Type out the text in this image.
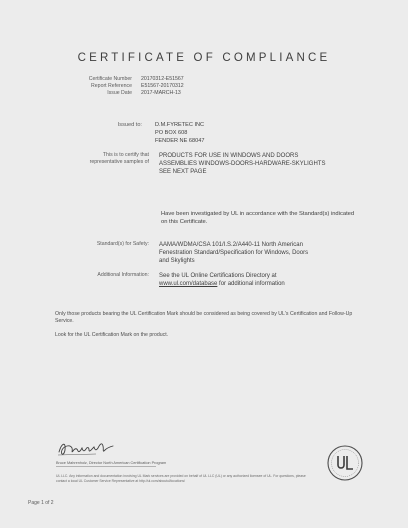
CERTIFICATE OF COMPLIANCE
Certificate Number	20170312-E51567
Report Reference	E51567-20170312
Issue Date	2017-MARCH-13
Issued to:	D.M.FYRETEC INC
PO BOX 608
FENDER NE 68047
This is to certify that
representative samples of
PRODUCTS FOR USE IN WINDOWS AND DOORS
ASSEMBLIES WINDOWS-DOORS-HARDWARE-SKYLIGHTS
SEE NEXT PAGE
Have been investigated by UL in accordance with the Standard(s) indicated on this Certificate.
Standard(s) for Safety:	AAMA/WDMA/CSA 101/I.S.2/A440-11 North American
Fenestration Standard/Specification for Windows, Doors
and Skylights
Additional Information:	See the UL Online Certifications Directory at
www.ul.com/database for additional information
Only those products bearing the UL Certification Mark should be considered as being covered by UL's Certification and Follow-Up Service.
Look for the UL Certification Mark on the product.
Bruce Mahrenholz, Director North American Certification Program
UL LLC. Any information and documentation involving UL Mark services are provided on behalf of UL LLC (UL) or any authorized licensee of UL. For questions, please contact a local UL Customer Service Representative at http://ul.com/aboutul/locations/
Page 1 of 2
